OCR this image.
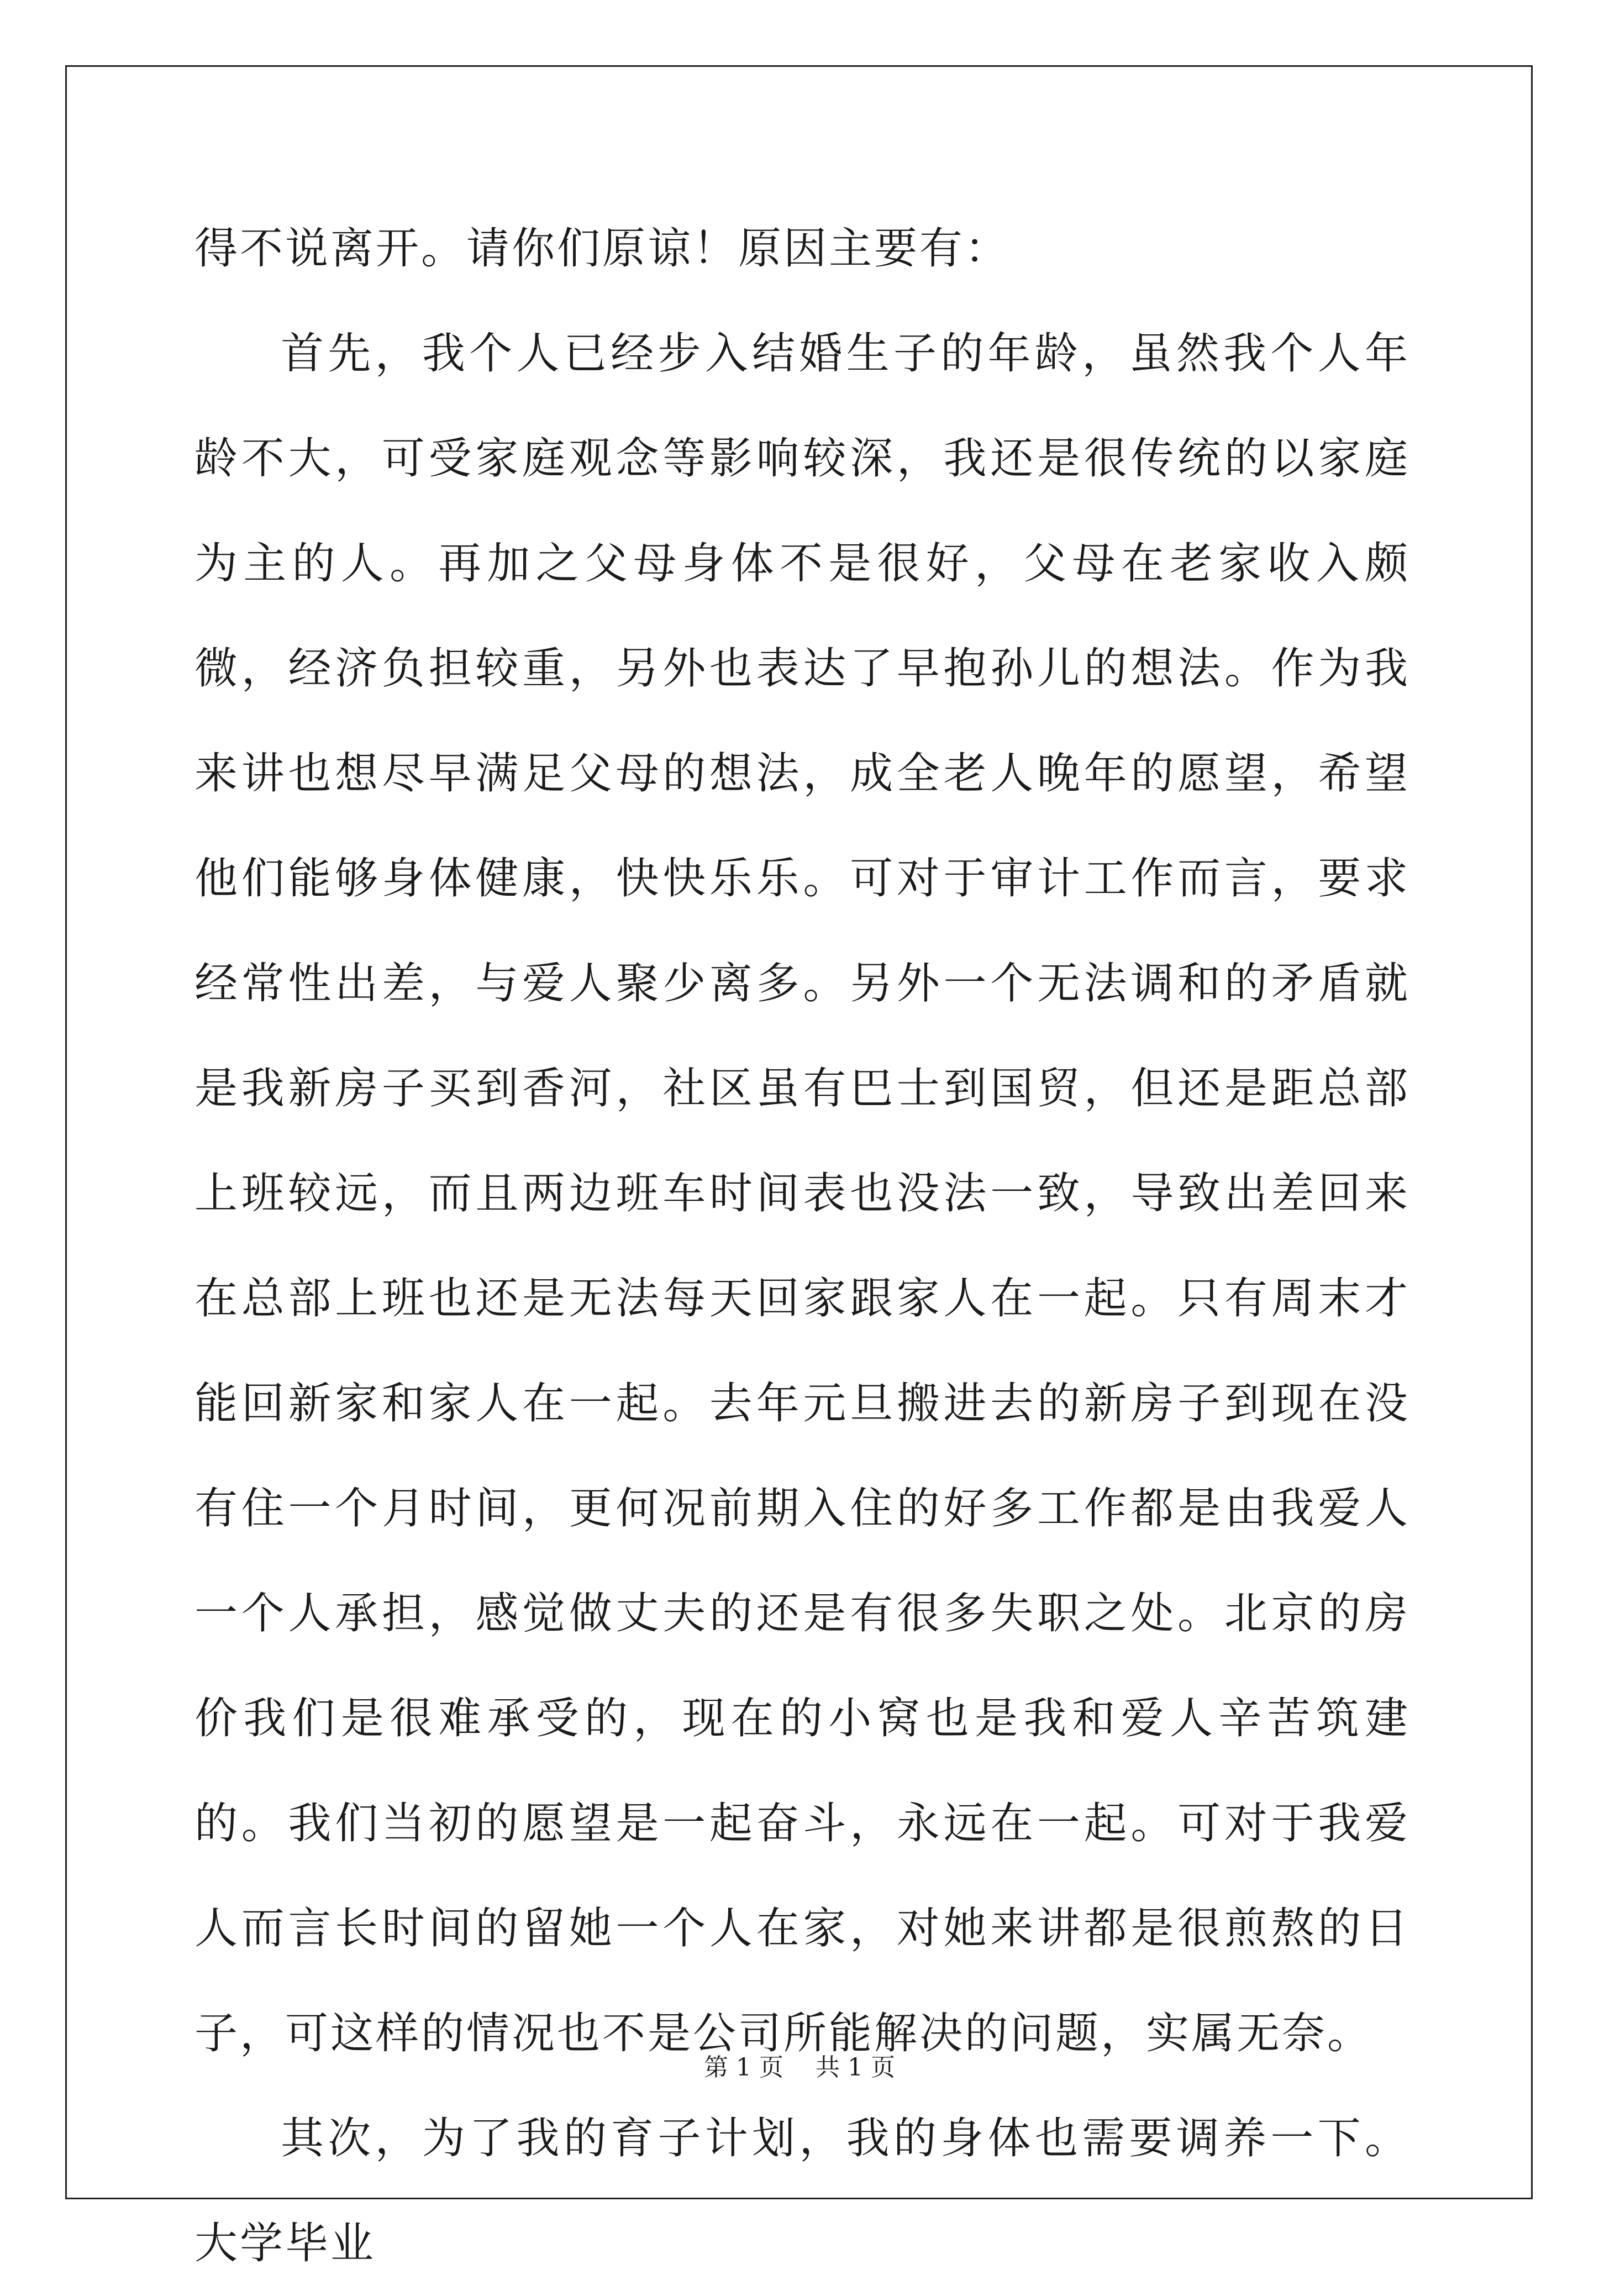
得不说离开。请你们原谅！原因主要有：

首先，我个人已经步入结婚生子的年龄，虽然我个人年龄不大，可受家庭观念等影响较深，我还是很传统的以家庭为主的人。再加之父母身体不是很好，父母在老家收入颇微，经济负担较重，另外也表达了早抱孙儿的想法。作为我来讲也想尽早满足父母的想法，成全老人晚年的愿望，希望他们能够身体健康，快快乐乐。可对于审计工作而言，要求经常性出差，与爱人聚少离多。另外一个无法调和的矛盾就是我新房子买到香河，社区虽有巴士到国贸，但还是距总部上班较远，而且两边班车时间表也没法一致，导致出差回来在总部上班也还是无法每天回家跟家人在一起。只有周末才能回新家和家人在一起。去年元旦搬进去的新房子到现在没有住一个月时间，更何况前期入住的好多工作都是由我爱人一个人承担，感觉做丈夫的还是有很多失职之处。北京的房价我们是很难承受的，现在的小窝也是我和爱人辛苦筑建的。我们当初的愿望是一起奋斗，永远在一起。可对于我爱人而言长时间的留她一个人在家，对她来讲都是很煎熬的日子，可这样的情况也不是公司所能解决的问题，实属无奈。

其次，为了我的育子计划，我的身体也需要调养一下。大学毕业

第 1 页　 共 1 页
